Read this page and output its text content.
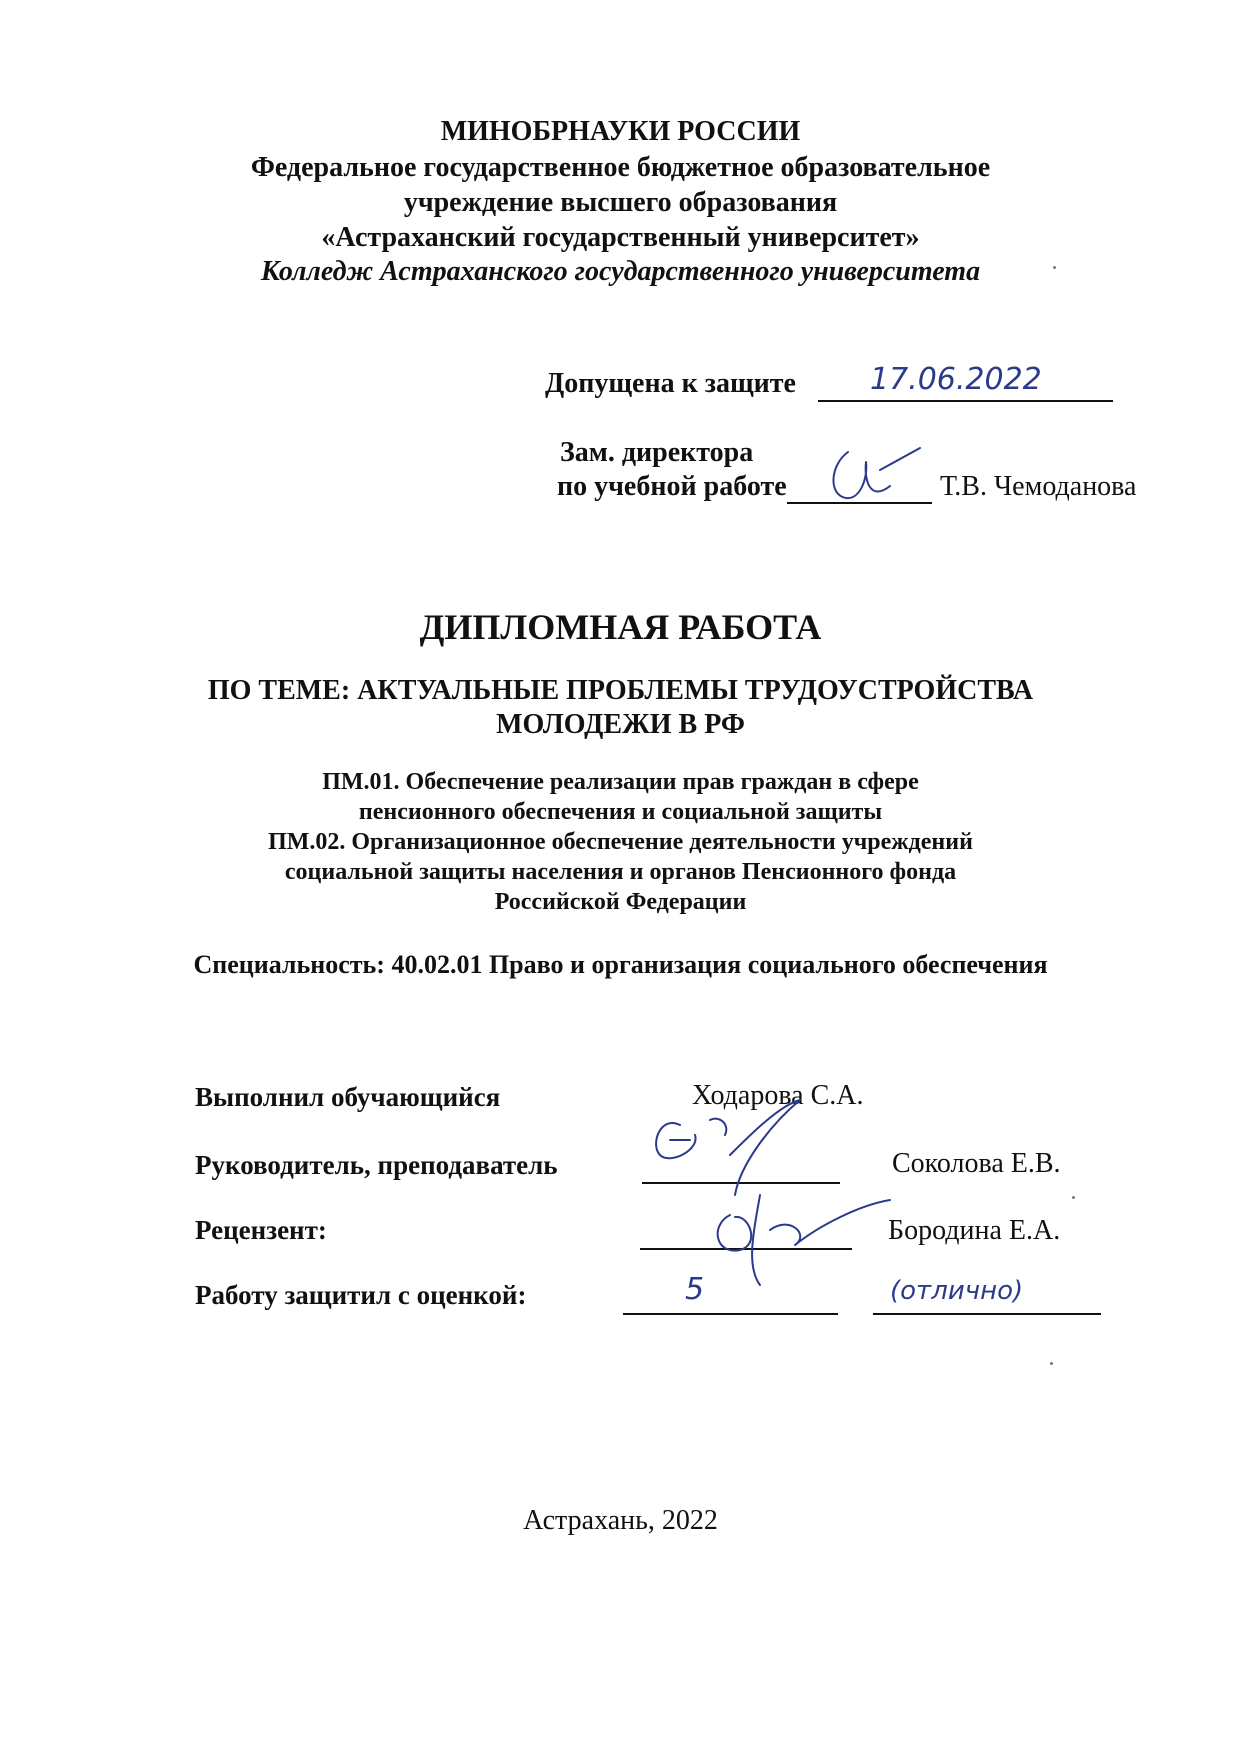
МИНОБРНАУКИ РОССИИ
Федеральное государственное бюджетное образовательное
учреждение высшего образования
«Астраханский государственный университет»
Колледж Астраханского государственного университета
Допущена к защите 17.06.2022
Зам. директора
по учебной работе	Т.В. Чемоданова
ДИПЛОМНАЯ РАБОТА
ПО ТЕМЕ: АКТУАЛЬНЫЕ ПРОБЛЕМЫ ТРУДОУСТРОЙСТВА
МОЛОДЕЖИ В РФ
ПМ.01. Обеспечение реализации прав граждан в сфере
пенсионного обеспечения и социальной защиты
ПМ.02. Организационное обеспечение деятельности учреждений
социальной защиты населения и органов Пенсионного фонда
Российской Федерации
Специальность: 40.02.01 Право и организация социального обеспечения
Выполнил обучающийся	Ходарова С.А.
Руководитель, преподаватель	Соколова Е.В.
Рецензент:	Бородина Е.А.
Работу защитил с оценкой:	5	(отлично)
Астрахань, 2022
